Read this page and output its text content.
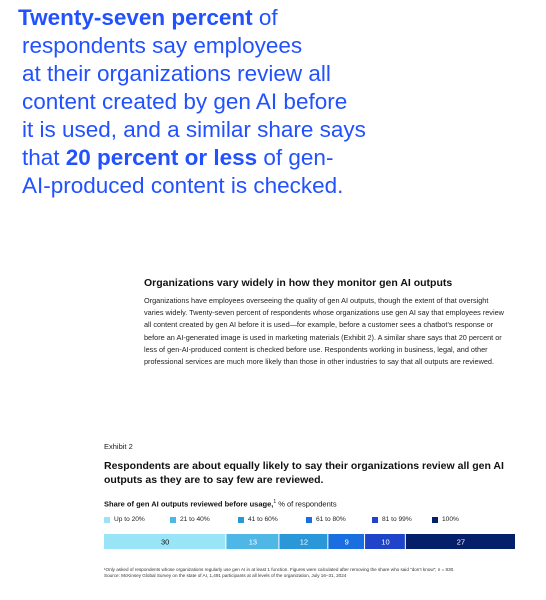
Twenty-seven percent of
respondents say employees
at their organizations review all
content created by gen AI before
it is used, and a similar share says
that 20 percent or less of gen-
AI-produced content is checked.
Organizations vary widely in how they monitor gen AI outputs

Organizations have employees overseeing the quality of gen AI outputs, though the extent of that oversight varies widely. Twenty-seven percent of respondents whose organizations use gen AI say that employees review all content created by gen AI before it is used—for example, before a customer sees a chatbot’s response or before an AI-generated image is used in marketing materials (Exhibit 2). A similar share says that 20 percent or less of gen-AI-produced content is checked before use. Respondents working in business, legal, and other professional services are much more likely than those in other industries to say that all outputs are reviewed.

Exhibit 2
Respondents are about equally likely to say their organizations review all gen AI outputs as they are to say few are reviewed.
Share of gen AI outputs reviewed before usage,$^1$ % of respondents
Up to 20%	21 to 40%	41 to 60%	61 to 80%	81 to 99%	100%
30	13	12	9	10	27
¹Only asked of respondents whose organizations regularly use gen AI in at least 1 function. Figures were calculated after removing the share who said “don’t know”; n = 830.
Source: McKinsey Global Survey on the state of AI, 1,491 participants at all levels of the organization, July 16–31, 2024
